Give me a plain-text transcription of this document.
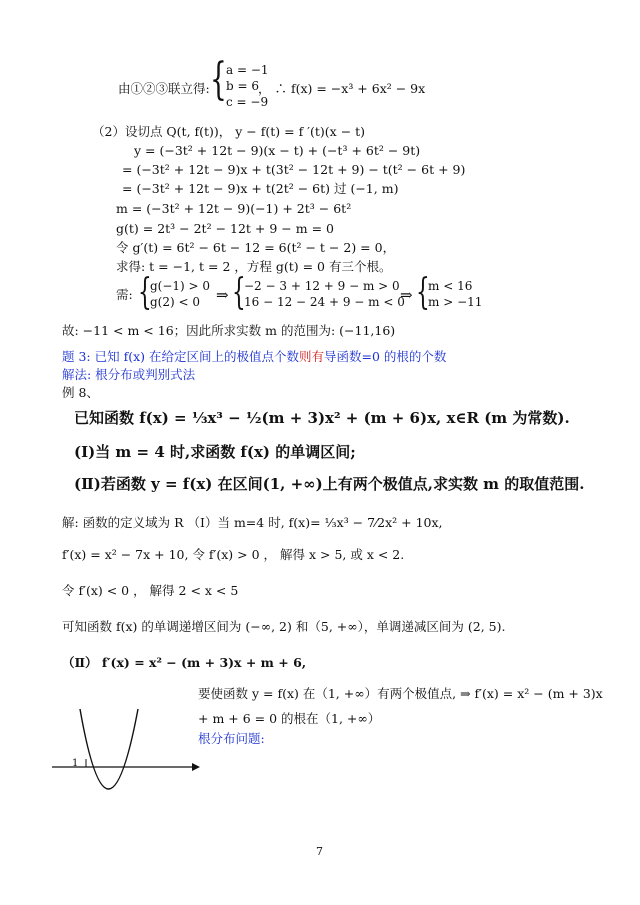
由①②③联立得: { a = −1
b = 6
c = −9
， ∴ f(x) = −x³ + 6x² − 9x
（2）设切点 Q(t, f(t))， y − f(t) = f ′(t)(x − t)
y = (−3t² + 12t − 9)(x − t) + (−t³ + 6t² − 9t)
= (−3t² + 12t − 9)x + t(3t² − 12t + 9) − t(t² − 6t + 9)
= (−3t² + 12t − 9)x + t(2t² − 6t) 过 (−1, m)
m = (−3t² + 12t − 9)(−1) + 2t³ − 6t²
g(t) = 2t³ − 2t² − 12t + 9 − m = 0
令 g′(t) = 6t² − 6t − 12 = 6(t² − t − 2) = 0，
求得: t = −1, t = 2 ，方程 g(t) = 0 有三个根。
需: {
g(−1) > 0
g(2) < 0	⇒ {
−2 − 3 + 12 + 9 − m > 0
16 − 12 − 24 + 9 − m < 0
⇒ {
m < 16
m > −11
故: −11 < m < 16；因此所求实数 m 的范围为: (−11,16)
题 3: 已知 f(x) 在给定区间上的极值点个数则有导函数=0 的根的个数
解法: 根分布或判别式法
例 8、
已知函数 f(x) = ⅓x³ − ½(m + 3)x² + (m + 6)x, x∈R (m 为常数).
(Ⅰ)当 m = 4 时,求函数 f(x) 的单调区间;
(Ⅱ)若函数 y = f(x) 在区间(1, +∞)上有两个极值点,求实数 m 的取值范围.
解: 函数的定义域为 R （Ⅰ）当 m=4 时, f(x)= ⅓x³ − 7⁄2x² + 10x,
f′(x) = x² − 7x + 10, 令 f′(x) > 0 ， 解得 x > 5, 或 x < 2.
令 f′(x) < 0 ， 解得 2 < x < 5
可知函数 f(x) 的单调递增区间为 (−∞, 2) 和（5, +∞），单调递减区间为 (2, 5).
（Ⅱ） f′(x) = x² − (m + 3)x + m + 6,
要使函数 y = f(x) 在（1, +∞）有两个极值点, ⇒ f′(x) = x² − (m + 3)x
+ m + 6 = 0 的根在（1, +∞）
根分布问题:
1
7
